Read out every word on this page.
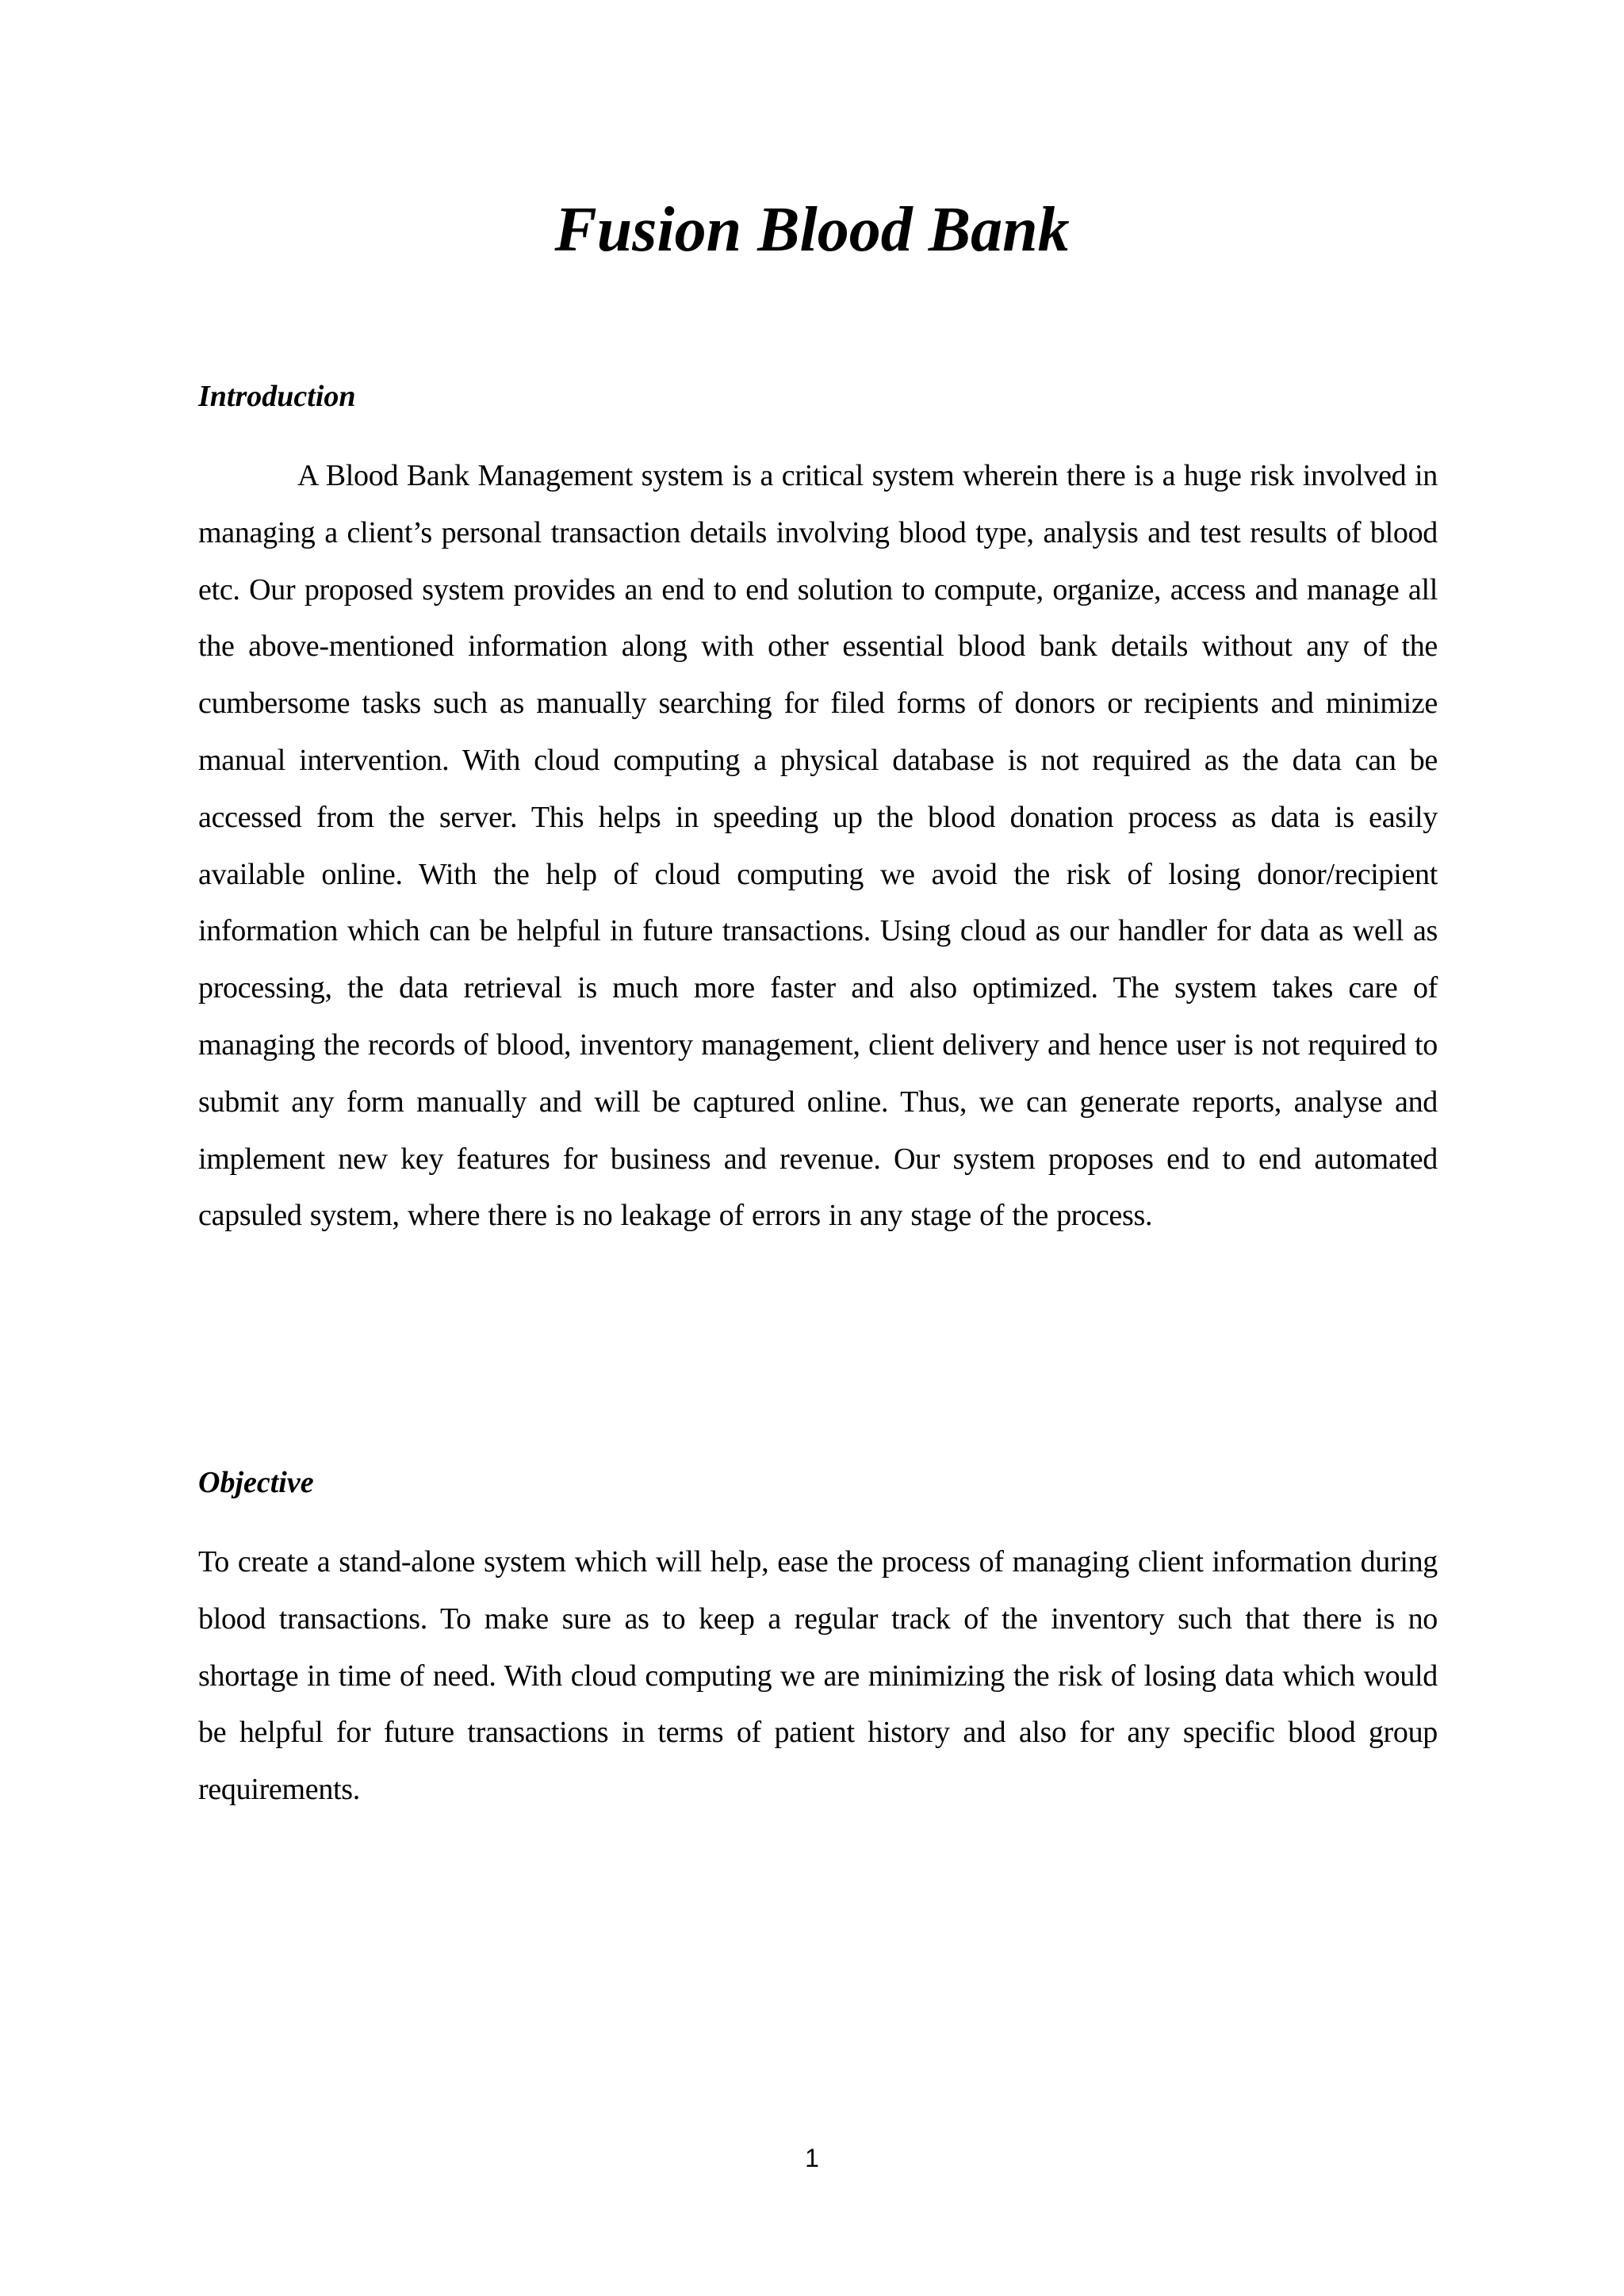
Fusion Blood Bank
Introduction

A Blood Bank Management system is a critical system wherein there is a huge risk involved in managing a client’s personal transaction details involving blood type, analysis and test results of blood etc. Our proposed system provides an end to end solution to compute, organize, access and manage all the above-mentioned information along with other essential blood bank details without any of the cumbersome tasks such as manually searching for filed forms of donors or recipients and minimize manual intervention. With cloud computing a physical database is not required as the data can be accessed from the server. This helps in speeding up the blood donation process as data is easily available online. With the help of cloud computing we avoid the risk of losing donor/recipient information which can be helpful in future transactions. Using cloud as our handler for data as well as processing, the data retrieval is much more faster and also optimized. The system takes care of managing the records of blood, inventory management, client delivery and hence user is not required to submit any form manually and will be captured online. Thus, we can generate reports, analyse and implement new key features for business and revenue. Our system proposes end to end automated capsuled system, where there is no leakage of errors in any stage of the process.

Objective

To create a stand-alone system which will help, ease the process of managing client information during blood transactions. To make sure as to keep a regular track of the inventory such that there is no shortage in time of need. With cloud computing we are minimizing the risk of losing data which would be helpful for future transactions in terms of patient history and also for any specific blood group requirements.

1
